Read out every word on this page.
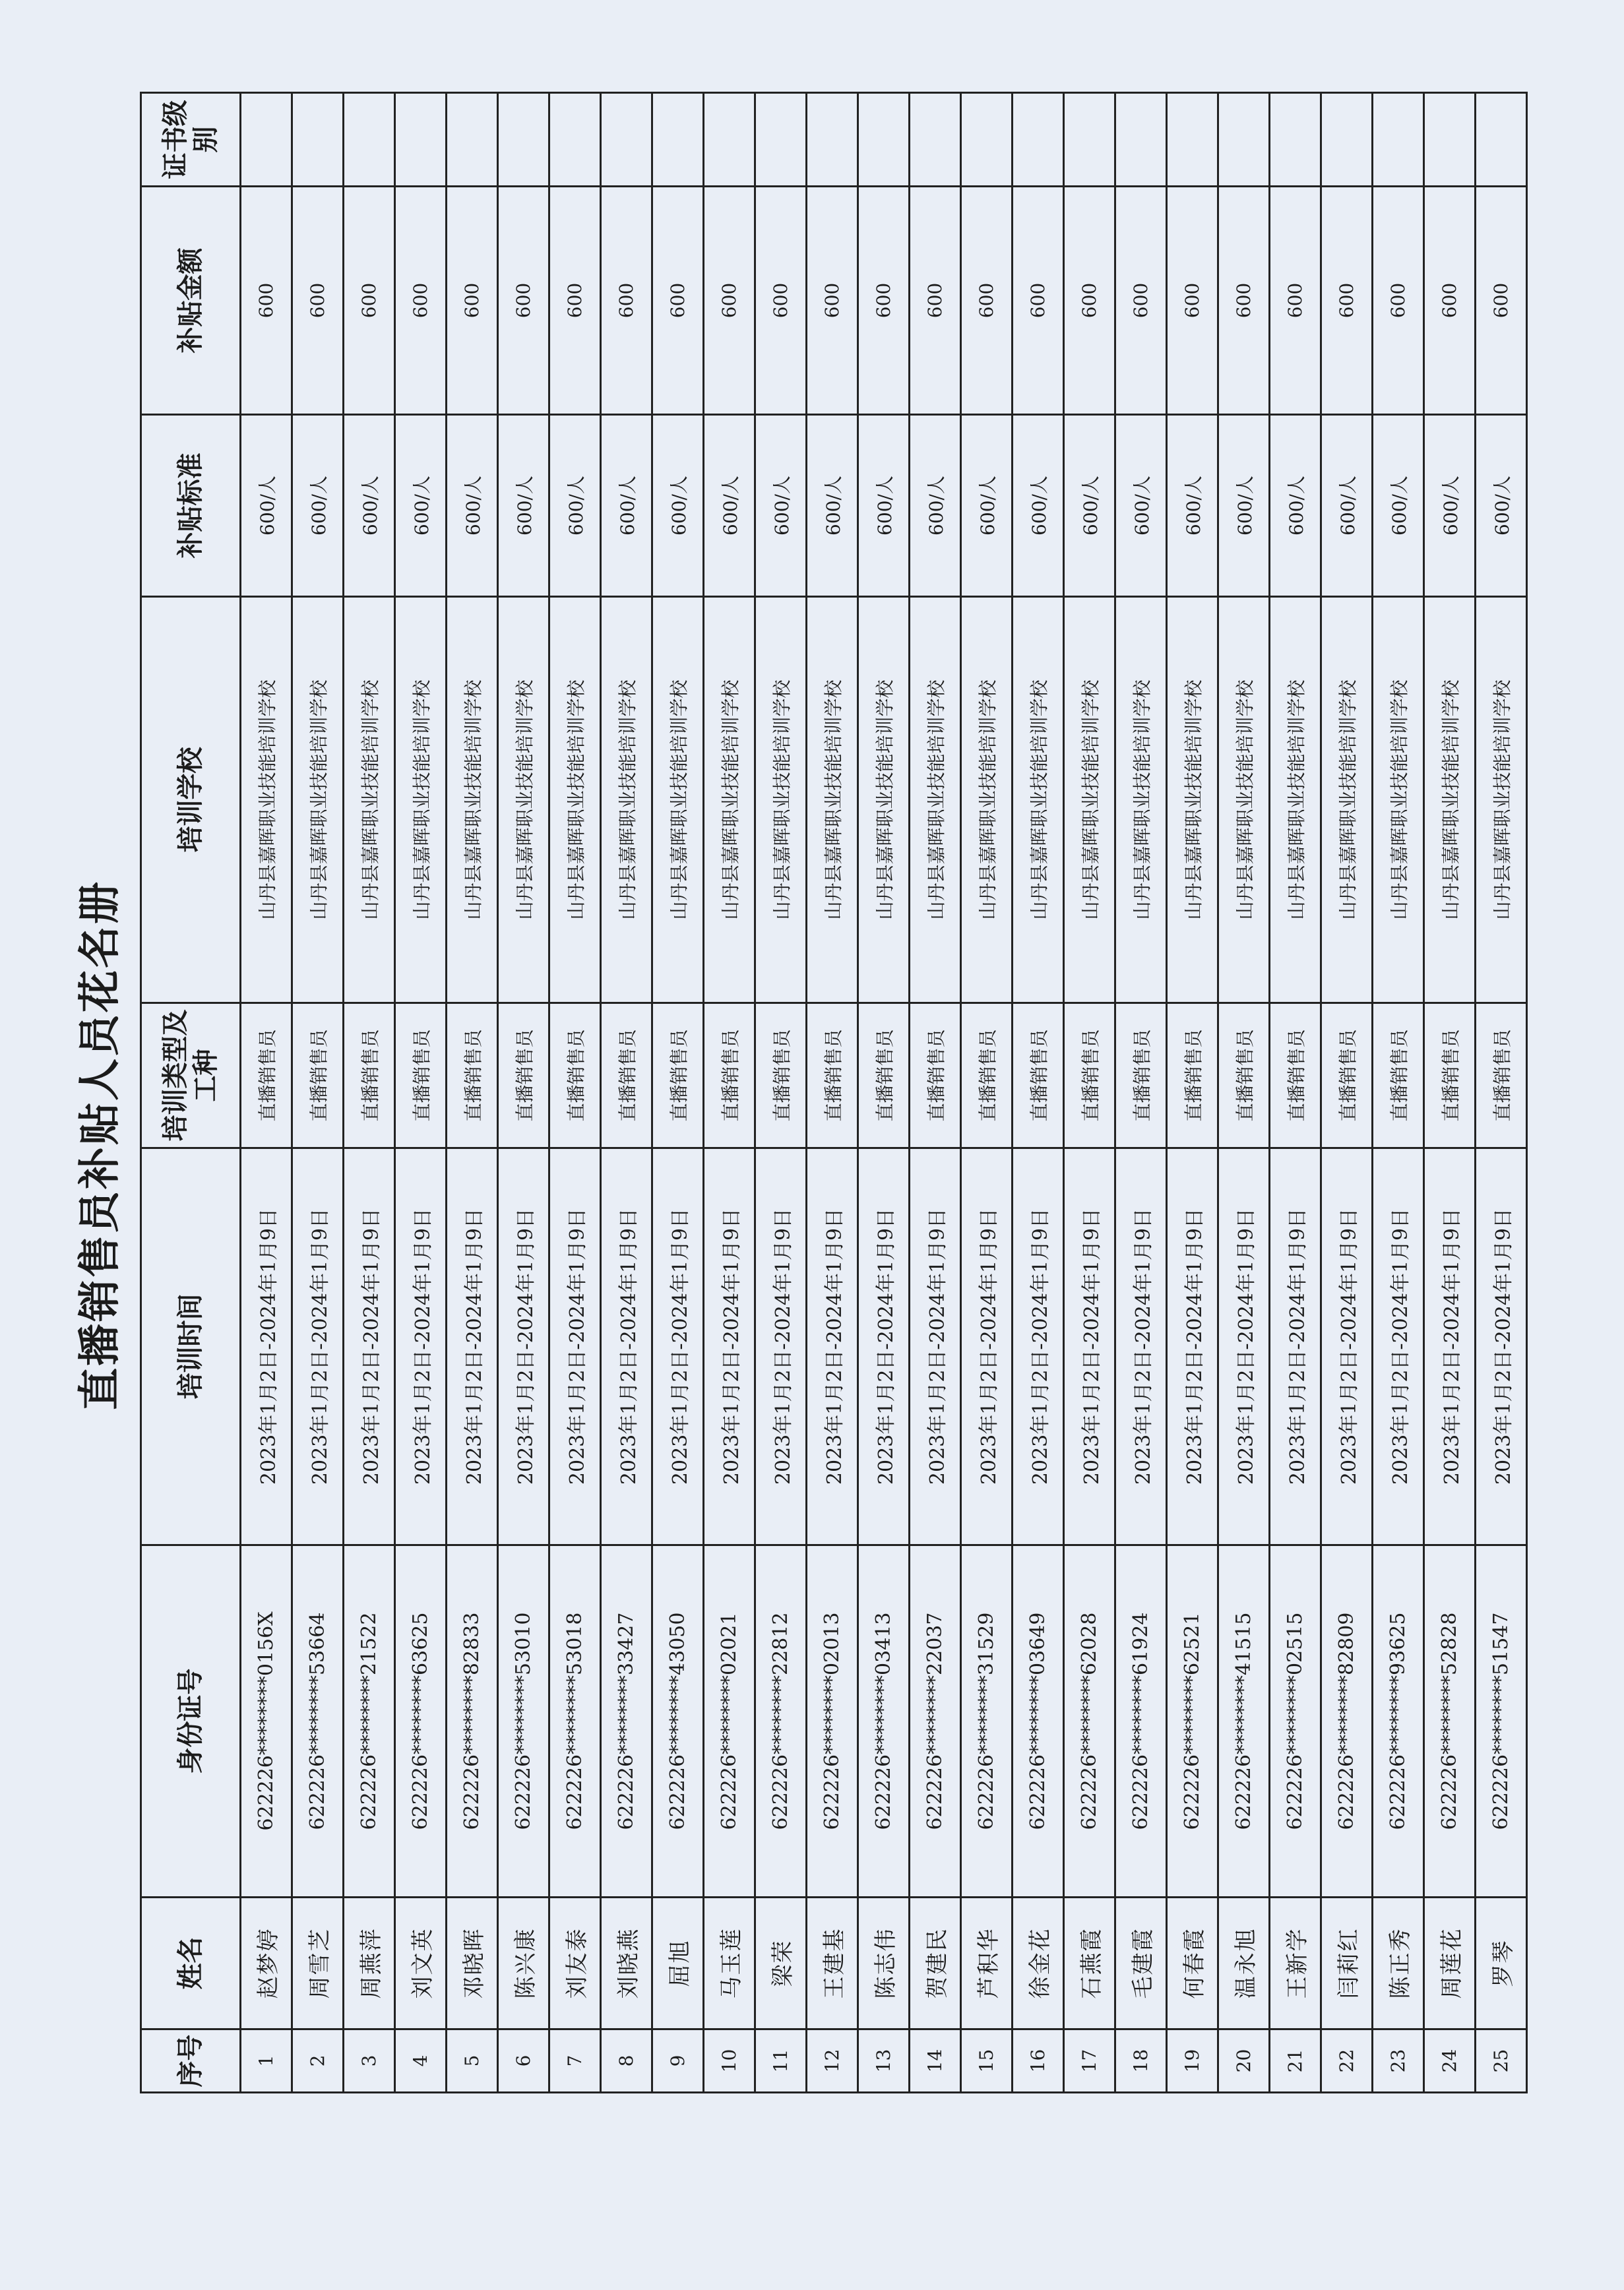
直播销售员补贴人员花名册
序号	姓名	身份证号	培训时间	培训类型及工种	培训学校	补贴标准	补贴金额	证书级别
1	赵梦婷	622226********0156X	2023年1月2日-2024年1月9日	直播销售员	山丹县嘉晖职业技能培训学校	600/人	600	
2	周雪芝	622226********53664	2023年1月2日-2024年1月9日	直播销售员	山丹县嘉晖职业技能培训学校	600/人	600	
3	周燕萍	622226********21522	2023年1月2日-2024年1月9日	直播销售员	山丹县嘉晖职业技能培训学校	600/人	600	
4	刘文英	622226********63625	2023年1月2日-2024年1月9日	直播销售员	山丹县嘉晖职业技能培训学校	600/人	600	
5	邓晓晖	622226********82833	2023年1月2日-2024年1月9日	直播销售员	山丹县嘉晖职业技能培训学校	600/人	600	
6	陈兴康	622226********53010	2023年1月2日-2024年1月9日	直播销售员	山丹县嘉晖职业技能培训学校	600/人	600	
7	刘友泰	622226********53018	2023年1月2日-2024年1月9日	直播销售员	山丹县嘉晖职业技能培训学校	600/人	600	
8	刘晓燕	622226********33427	2023年1月2日-2024年1月9日	直播销售员	山丹县嘉晖职业技能培训学校	600/人	600	
9	屈旭	622226********43050	2023年1月2日-2024年1月9日	直播销售员	山丹县嘉晖职业技能培训学校	600/人	600	
10	马玉莲	622226********02021	2023年1月2日-2024年1月9日	直播销售员	山丹县嘉晖职业技能培训学校	600/人	600	
11	梁荣	622226********22812	2023年1月2日-2024年1月9日	直播销售员	山丹县嘉晖职业技能培训学校	600/人	600	
12	王建基	622226********02013	2023年1月2日-2024年1月9日	直播销售员	山丹县嘉晖职业技能培训学校	600/人	600	
13	陈志伟	622226********03413	2023年1月2日-2024年1月9日	直播销售员	山丹县嘉晖职业技能培训学校	600/人	600	
14	贺建民	622226********22037	2023年1月2日-2024年1月9日	直播销售员	山丹县嘉晖职业技能培训学校	600/人	600	
15	芦积华	622226********31529	2023年1月2日-2024年1月9日	直播销售员	山丹县嘉晖职业技能培训学校	600/人	600	
16	徐金花	622226********03649	2023年1月2日-2024年1月9日	直播销售员	山丹县嘉晖职业技能培训学校	600/人	600	
17	石燕霞	622226********62028	2023年1月2日-2024年1月9日	直播销售员	山丹县嘉晖职业技能培训学校	600/人	600	
18	毛建霞	622226********61924	2023年1月2日-2024年1月9日	直播销售员	山丹县嘉晖职业技能培训学校	600/人	600	
19	何春霞	622226********62521	2023年1月2日-2024年1月9日	直播销售员	山丹县嘉晖职业技能培训学校	600/人	600	
20	温永旭	622226********41515	2023年1月2日-2024年1月9日	直播销售员	山丹县嘉晖职业技能培训学校	600/人	600	
21	王新学	622226********02515	2023年1月2日-2024年1月9日	直播销售员	山丹县嘉晖职业技能培训学校	600/人	600	
22	闫莉红	622226********82809	2023年1月2日-2024年1月9日	直播销售员	山丹县嘉晖职业技能培训学校	600/人	600	
23	陈正秀	622226********93625	2023年1月2日-2024年1月9日	直播销售员	山丹县嘉晖职业技能培训学校	600/人	600	
24	周莲花	622226********52828	2023年1月2日-2024年1月9日	直播销售员	山丹县嘉晖职业技能培训学校	600/人	600	
25	罗琴	622226********51547	2023年1月2日-2024年1月9日	直播销售员	山丹县嘉晖职业技能培训学校	600/人	600	
